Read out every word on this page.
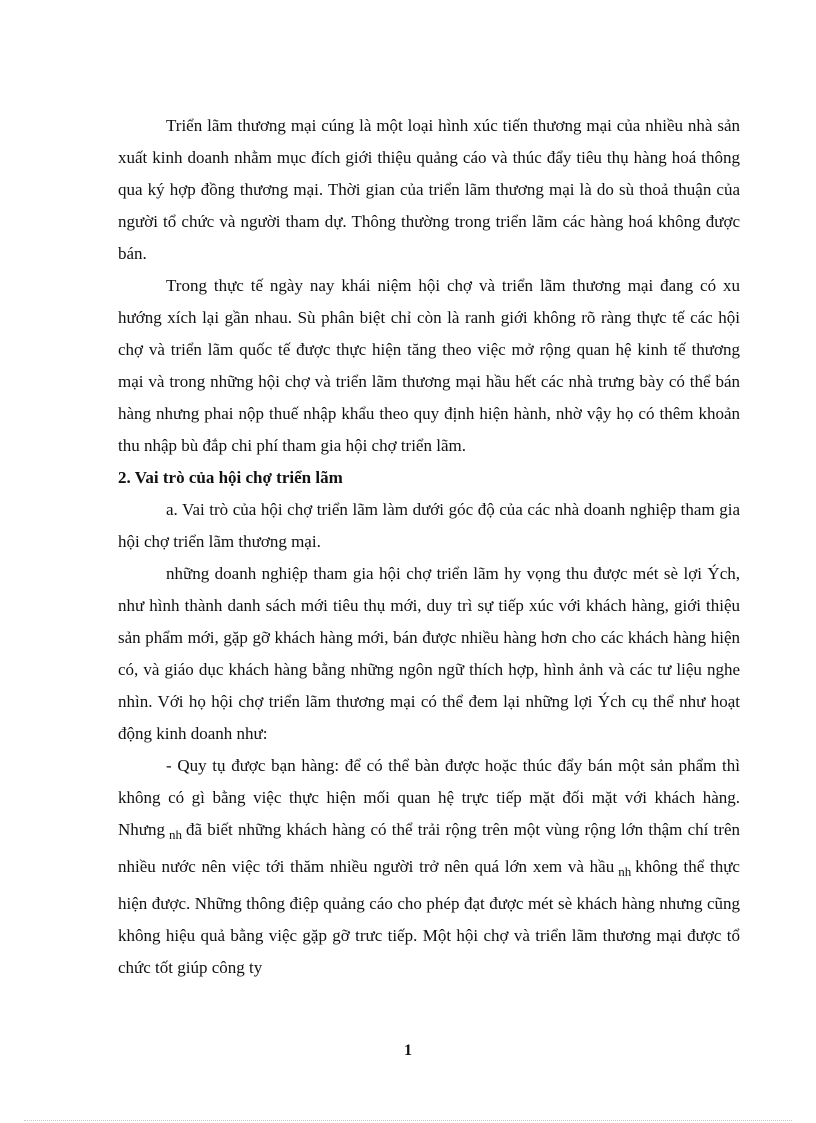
Triển lãm thương mại cúng là một loại hình xúc tiến thương mại của nhiều nhà sản xuất kinh doanh nhằm mục đích giới thiệu quảng cáo và thúc đẩy tiêu thụ hàng hoá thông qua ký hợp đồng thương mại. Thời gian của triển lãm thương mại là do sù thoả thuận của người tổ chức và người tham dự. Thông thường trong triển lãm các hàng hoá không được bán.

Trong thực tế ngày nay khái niệm hội chợ và triển lãm thương mại đang có xu hướng xích lại gần nhau. Sù phân biệt chỉ còn là ranh giới không rõ ràng thực tế các hội chợ và triển lãm quốc tế được thực hiện tăng theo việc mở rộng quan hệ kinh tế thương mại và trong những hội chợ và triển lãm thương mại hầu hết các nhà trưng bày có thể bán hàng nhưng phai nộp thuế nhập khẩu theo quy định hiện hành, nhờ vậy họ có thêm khoản thu nhập bù đắp chi phí tham gia hội chợ triển lãm.

2. Vai trò của hội chợ triển lãm

a. Vai trò của hội chợ triển lãm làm dưới góc độ của các nhà doanh nghiệp tham gia hội chợ triển lãm thương mại.

những doanh nghiệp tham gia hội chợ triển lãm hy vọng thu được mét sè lợi Ých, như hình thành danh sách mới tiêu thụ mới, duy trì sự tiếp xúc với khách hàng, giới thiệu sản phẩm mới, gặp gỡ khách hàng mới, bán được nhiều hàng hơn cho các khách hàng hiện có, và giáo dục khách hàng bằng những ngôn ngữ thích hợp, hình ảnh và các tư liệu nghe nhìn. Với họ hội chợ triển lãm thương mại có thể đem lại những lợi Ých cụ thể như hoạt động kinh doanh như:

- Quy tụ được bạn hàng: để có thể bàn được hoặc thúc đẩy bán một sản phẩm thì không có gì bằng việc thực hiện mối quan hệ trực tiếp mặt đối mặt với khách hàng. Nhưng $_{nh}$ đã biết những khách hàng có thể trải rộng trên một vùng rộng lớn thậm chí trên nhiều nước nên việc tới thăm nhiều người trở nên quá lớn xem và hầu $_{nh}$ không thể thực hiện được. Những thông điệp quảng cáo cho phép đạt được mét sè khách hàng nhưng cũng không hiệu quả bằng việc gặp gỡ trưc tiếp. Một hội chợ và triển lãm thương mại được tổ chức tốt giúp công ty

1
